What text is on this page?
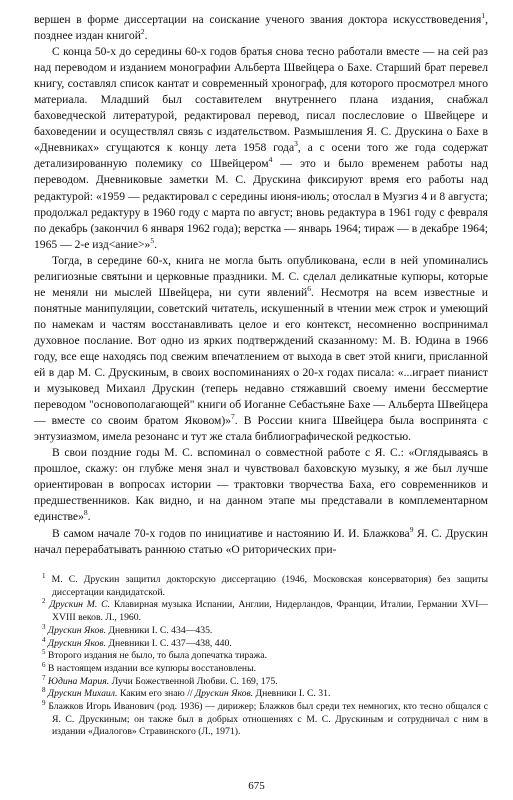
вершен в форме диссертации на соискание ученого звания доктора искусствоведения$^1$, позднее издан книгой$^2$.

С конца 50-х до середины 60-х годов братья снова тесно работали вместе — на сей раз над переводом и изданием монографии Альберта Швейцера о Бахе. Старший брат перевел книгу, составлял список кантат и современный хронограф, для которого просмотрел много материала. Младший был составителем внутреннего плана издания, снабжал баховедческой литературой, редактировал перевод, писал послесловие о Швейцере и баховедении и осуществлял связь с издательством. Размышления Я. С. Друскина о Бахе в «Дневниках» сгущаются к концу лета 1958 года$^3$, а с осени того же года содержат детализированную полемику со Швейцером$^4$ — это и было временем работы над переводом. Дневниковые заметки М. С. Друскина фиксируют время его работы над редактурой: «1959 — редактировал с середины июня-июль; отослал в Музгиз 4 и 8 августа; продолжал редактуру в 1960 году с марта по август; вновь редактура в 1961 году с февраля по декабрь (закончил 6 января 1962 года); верстка — январь 1964; тираж — в декабре 1964; 1965 — 2-е изд<ание>»$^5$.

Тогда, в середине 60-х, книга не могла быть опубликована, если в ней упоминались религиозные святыни и церковные праздники. М. С. сделал деликатные купюры, которые не меняли ни мыслей Швейцера, ни сути явлений$^6$. Несмотря на всем известные и понятные манипуляции, советский читатель, искушенный в чтении меж строк и умеющий по намекам и частям восстанавливать целое и его контекст, несомненно воспринимал духовное послание. Вот одно из ярких подтверждений сказанному: М. В. Юдина в 1966 году, все еще находясь под свежим впечатлением от выхода в свет этой книги, присланной ей в дар М. С. Друскиным, в своих воспоминаниях о 20-х годах писала: «...играет пианист и музыковед Михаил Друскин (теперь недавно стяжавший своему имени бессмертие переводом "основополагающей" книги об Иоганне Себастьяне Бахе — Альберта Швейцера — вместе со своим братом Яковом)»$^7$. В России книга Швейцера была воспринята с энтузиазмом, имела резонанс и тут же стала библиографической редкостью.

В свои поздние годы М. С. вспоминал о совместной работе с Я. С.: «Оглядываясь в прошлое, скажу: он глубже меня знал и чувствовал баховскую музыку, я же был лучше ориентирован в вопросах истории — трактовки творчества Баха, его современников и предшественников. Как видно, и на данном этапе мы представали в комплементарном единстве»$^8$.

В самом начале 70-х годов по инициативе и настоянию И. И. Блажкова$^9$ Я. С. Друскин начал перерабатывать раннюю статью «О риторических при-

$^1$ М. С. Друскин защитил докторскую диссертацию (1946, Московская консерватория) без защиты диссертации кандидатской.

$^2$ Друскин М. С. Клавирная музыка Испании, Англии, Нидерландов, Франции, Италии, Германии XVI—XVIII веков. Л., 1960.

$^3$ Друскин Яков. Дневники I. С. 434—435.

$^4$ Друскин Яков. Дневники I. С. 437—438, 440.

$^5$ Второго издания не было, то была допечатка тиража.

$^6$ В настоящем издании все купюры восстановлены.

$^7$ Юдина Мария. Лучи Божественной Любви. С. 169, 175.

$^8$ Друскин Михаил. Каким его знаю // Друскин Яков. Дневники I. С. 31.

$^9$ Блажков Игорь Иванович (род. 1936) — дирижер; Блажков был среди тех немногих, кто тесно общался с Я. С. Друскиным; он также был в добрых отношениях с М. С. Друскиным и сотрудничал с ним в издании «Диалогов» Стравинского (Л., 1971).

675
